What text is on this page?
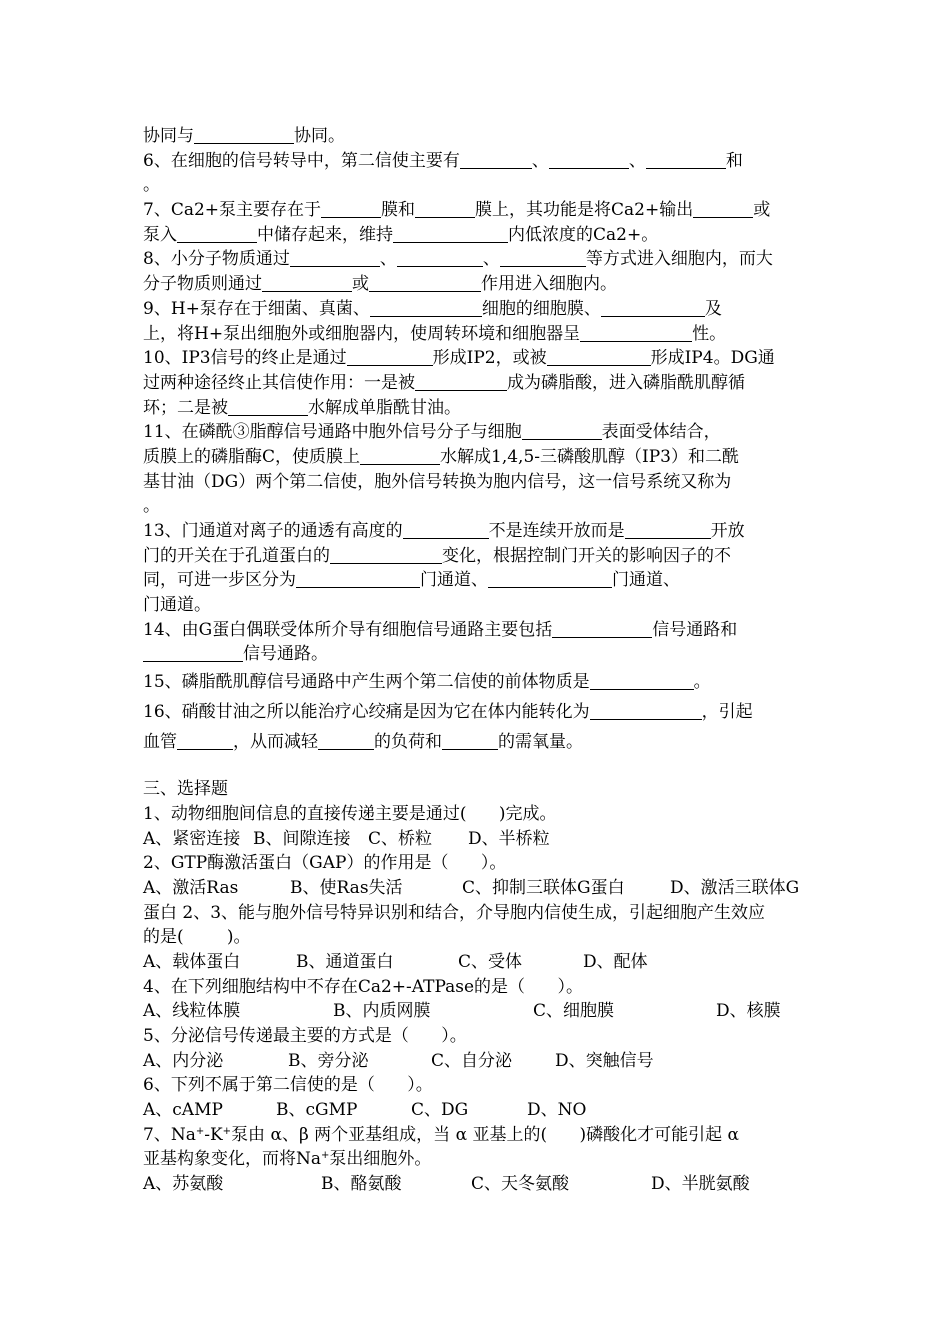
协同与	协同。
6、在细胞的信号转导中，第二信使主要有	、	、	和
。
7、Ca2+泵主要存在于	膜和	膜上，其功能是将Ca2+输出	或
泵入	中储存起来，维持	内低浓度的Ca2+。
8、小分子物质通过	、	、	等方式进入细胞内，而大
分子物质则通过	或	作用进入细胞内。
9、H+泵存在于细菌、真菌、	细胞的细胞膜、	及
上，将H+泵出细胞外或细胞器内，使周转环境和细胞器呈	性。
10、IP3信号的终止是通过	形成IP2，或被	形成IP4。DG通
过两种途径终止其信使作用：一是被	成为磷脂酸，进入磷脂酰肌醇循
环；二是被	水解成单脂酰甘油。
11、在磷酰③脂醇信号通路中胞外信号分子与细胞	表面受体结合，
质膜上的磷脂酶C，使质膜上	水解成1,4,5-三磷酸肌醇（IP3）和二酰
基甘油（DG）两个第二信使，胞外信号转换为胞内信号，这一信号系统又称为
。
13、门通道对离子的通透有高度的	不是连续开放而是	开放
门的开关在于孔道蛋白的	变化，根据控制门开关的影响因子的不
同，可进一步区分为	门通道、	门通道、
门通道。
14、由G蛋白偶联受体所介导有细胞信号通路主要包括	信号通路和
信号通路。
15、磷脂酰肌醇信号通路中产生两个第二信使的前体物质是	。
16、硝酸甘油之所以能治疗心绞痛是因为它在体内能转化为	，引起
血管	，从而减轻	的负荷和	的需氧量。
三、选择题
1、动物细胞间信息的直接传递主要是通过(      )完成。
A、紧密连接 B、间隙连接	C、桥粒	D、半桥粒
2、GTP酶激活蛋白（GAP）的作用是（      ）。
A、激活Ras	B、使Ras失活	C、抑制三联体G蛋白	D、激活三联体G
蛋白 2、3、能与胞外信号特异识别和结合，介导胞内信使生成，引起细胞产生效应
的是(        )。
A、载体蛋白	B、通道蛋白	C、受体	D、配体
4、在下列细胞结构中不存在Ca2+-ATPase的是（      ）。
A、线粒体膜	B、内质网膜	C、细胞膜	D、核膜
5、分泌信号传递最主要的方式是（      ）。
A、内分泌	B、旁分泌	C、自分泌	D、突触信号
6、下列不属于第二信使的是（      ）。
A、cAMP	B、cGMP	C、DG	D、NO
7、Na+-K+泵由 α、β 两个亚基组成，当 α 亚基上的(      )磷酸化才可能引起 α
亚基构象变化，而将Na+泵出细胞外。
A、苏氨酸	B、酪氨酸	C、天冬氨酸	D、半胱氨酸
